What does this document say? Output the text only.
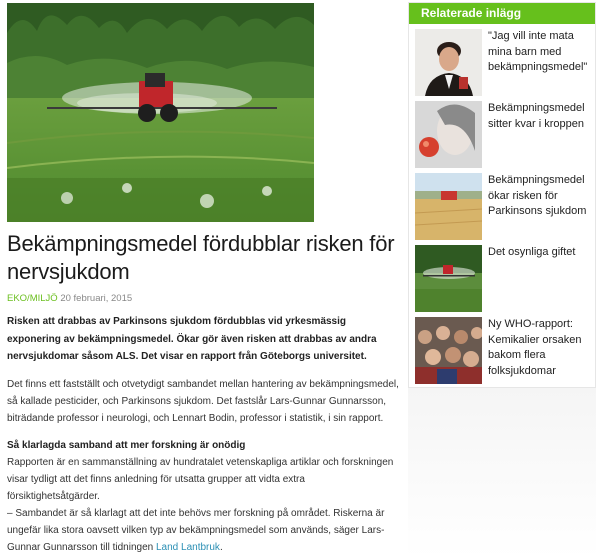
Bekämpningsmedel fördubblar risken för nervsjukdom
EKO/MILJÖ 20 februari, 2015

Risken att drabbas av Parkinsons sjukdom fördubblas vid yrkesmässig exponering av bekämpningsmedel. Ökar gör även risken att drabbas av andra nervsjukdomar såsom ALS. Det visar en rapport från Göteborgs universitet.

Det finns ett fastställt och otvetydigt sambandet mellan hantering av bekämpningsmedel, så kallade pesticider, och Parkinsons sjukdom. Det fastslår Lars-Gunnar Gunnarsson, biträdande professor i neurologi, och Lennart Bodin, professor i statistik, i sin rapport.

Så klarlagda samband att mer forskning är onödig

Rapporten är en sammanställning av hundratalet vetenskapliga artiklar och forskningen visar tydligt att det finns anledning för utsatta grupper att vidta extra försiktighetsåtgärder.

– Sambandet är så klarlagt att det inte behövs mer forskning på området. Riskerna är ungefär lika stora oavsett vilken typ av bekämpningsmedel som används, säger Lars-Gunnar Gunnarsson till tidningen Land Lantbruk.

Relaterade inlägg
"Jag vill inte mata mina barn med bekämpningsmedel"
Bekämpningsmedel sitter kvar i kroppen
Bekämpningsmedel ökar risken för Parkinsons sjukdom
Det osynliga giftet
Ny WHO-rapport: Kemikalier orsaken bakom flera folksjukdomar
